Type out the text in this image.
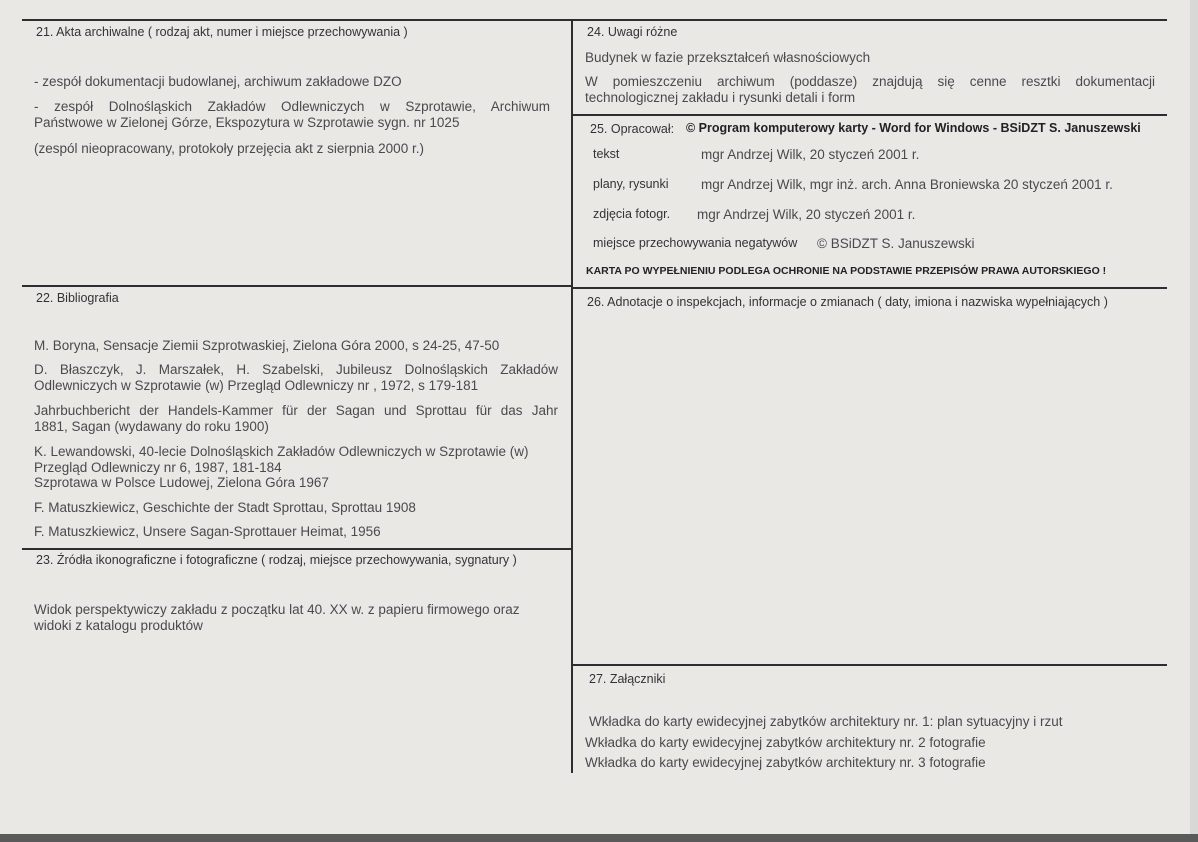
21. Akta archiwalne ( rodzaj akt, numer i miejsce przechowywania )
- zespół dokumentacji budowlanej, archiwum zakładowe DZO
- zespół Dolnośląskich Zakładów Odlewniczych w Szprotawie, Archiwum
Państwowe w Zielonej Górze, Ekspozytura w Szprotawie sygn. nr 1025
(zespól nieopracowany, protokoły przejęcia akt z sierpnia 2000 r.)
22. Bibliografia
M. Boryna, Sensacje Ziemii Szprotwaskiej, Zielona Góra 2000, s 24-25, 47-50
D. Błaszczyk, J. Marszałek, H. Szabelski, Jubileusz Dolnośląskich Zakładów
Odlewniczych w Szprotawie (w) Przegląd Odlewniczy nr , 1972, s 179-181
Jahrbuchbericht der Handels-Kammer für der Sagan und Sprottau für das Jahr
1881, Sagan (wydawany do roku 1900)
K. Lewandowski, 40-lecie Dolnośląskich Zakładów Odlewniczych w Szprotawie (w)
Przegląd Odlewniczy nr 6, 1987, 181-184
Szprotawa w Polsce Ludowej, Zielona Góra 1967
F. Matuszkiewicz, Geschichte der Stadt Sprottau, Sprottau 1908
F. Matuszkiewicz, Unsere Sagan-Sprottauer Heimat, 1956
23. Źródła ikonograficzne i fotograficzne ( rodzaj, miejsce przechowywania, sygnatury )
Widok perspektywiczy zakładu z początku lat 40. XX w. z papieru firmowego oraz
widoki z katalogu produktów
24. Uwagi różne
Budynek w fazie przekształceń własnościowych
W pomieszczeniu archiwum (poddasze) znajdują się cenne resztki dokumentacji
technologicznej zakładu i rysunki detali i form
25. Opracował: © Program komputerowy karty - Word for Windows - BSiDZT S. Januszewski
tekst	mgr Andrzej Wilk, 20 styczeń 2001 r.
plany, rysunki mgr Andrzej Wilk, mgr inż. arch. Anna Broniewska 20 styczeń 2001 r.
zdjęcia fotogr. mgr Andrzej Wilk, 20 styczeń 2001 r.
miejsce przechowywania negatywów © BSiDZT S. Januszewski
KARTA PO WYPEŁNIENIU PODLEGA OCHRONIE NA PODSTAWIE PRZEPISÓW PRAWA AUTORSKIEGO !
26. Adnotacje o inspekcjach, informacje o zmianach ( daty, imiona i nazwiska wypełniających )
27. Załączniki
Wkładka do karty ewidecyjnej zabytków architektury nr. 1: plan sytuacyjny i rzut
Wkładka do karty ewidecyjnej zabytków architektury nr. 2 fotografie
Wkładka do karty ewidecyjnej zabytków architektury nr. 3 fotografie
